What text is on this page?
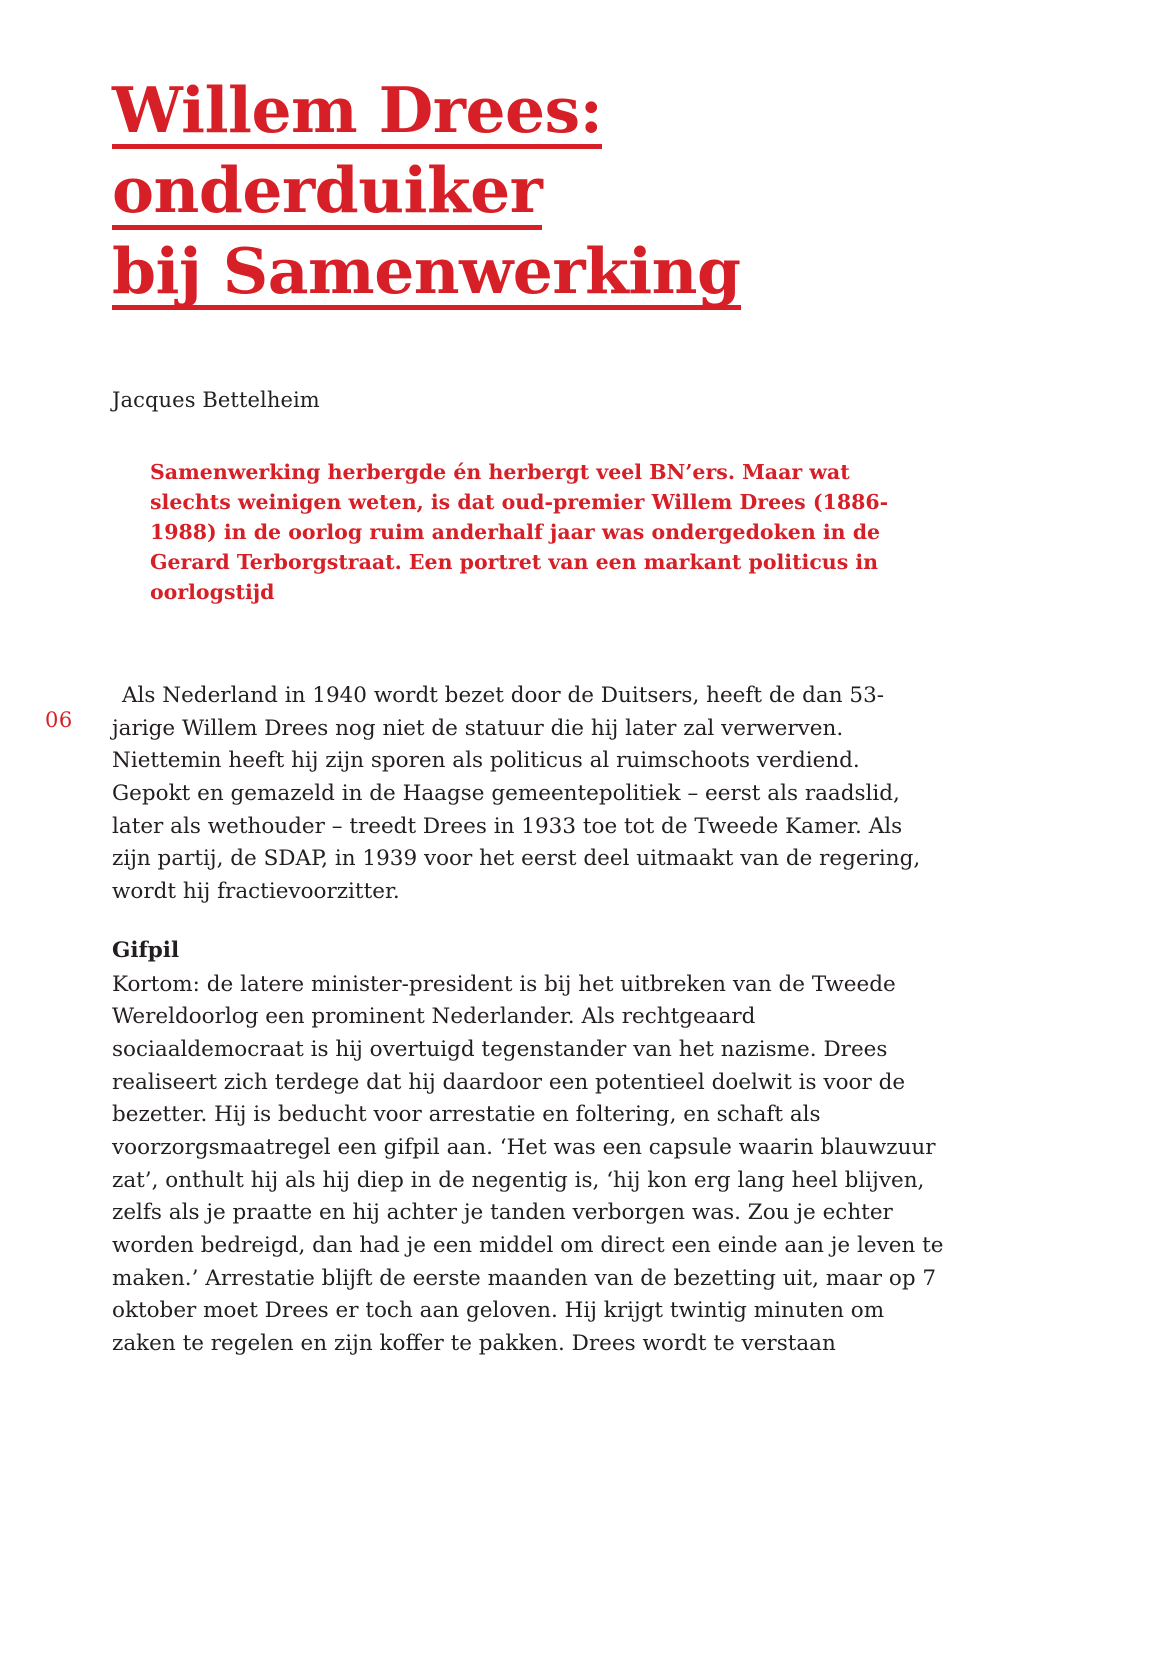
Willem Drees:
onderduiker
bij Samenwerking
Jacques Bettelheim
Samenwerking herbergde én herbergt veel BN’ers. Maar wat slechts weinigen weten, is dat oud-premier Willem Drees (1886-1988) in de oorlog ruim anderhalf jaar was ondergedoken in de Gerard Terborgstraat. Een portret van een markant politicus in oorlogstijd
06

Als Nederland in 1940 wordt bezet door de Duitsers, heeft de dan 53-jarige Willem Drees nog niet de statuur die hij later zal verwerven. Niettemin heeft hij zijn sporen als politicus al ruimschoots verdiend. Gepokt en gemazeld in de Haagse gemeentepolitiek – eerst als raadslid, later als wethouder – treedt Drees in 1933 toe tot de Tweede Kamer. Als zijn partij, de SDAP, in 1939 voor het eerst deel uitmaakt van de regering, wordt hij fractievoorzitter.

Gifpil

Kortom: de latere minister-president is bij het uitbreken van de Tweede Wereldoorlog een prominent Nederlander. Als rechtgeaard sociaaldemocraat is hij overtuigd tegenstander van het nazisme. Drees realiseert zich terdege dat hij daardoor een potentieel doelwit is voor de bezetter. Hij is beducht voor arrestatie en foltering, en schaft als voorzorgsmaatregel een gifpil aan. ‘Het was een capsule waarin blauwzuur zat’, onthult hij als hij diep in de negentig is, ‘hij kon erg lang heel blijven, zelfs als je praatte en hij achter je tanden verborgen was. Zou je echter worden bedreigd, dan had je een middel om direct een einde aan je leven te maken.’ Arrestatie blijft de eerste maanden van de bezetting uit, maar op 7 oktober moet Drees er toch aan geloven. Hij krijgt twintig minuten om zaken te regelen en zijn koffer te pakken. Drees wordt te verstaan
